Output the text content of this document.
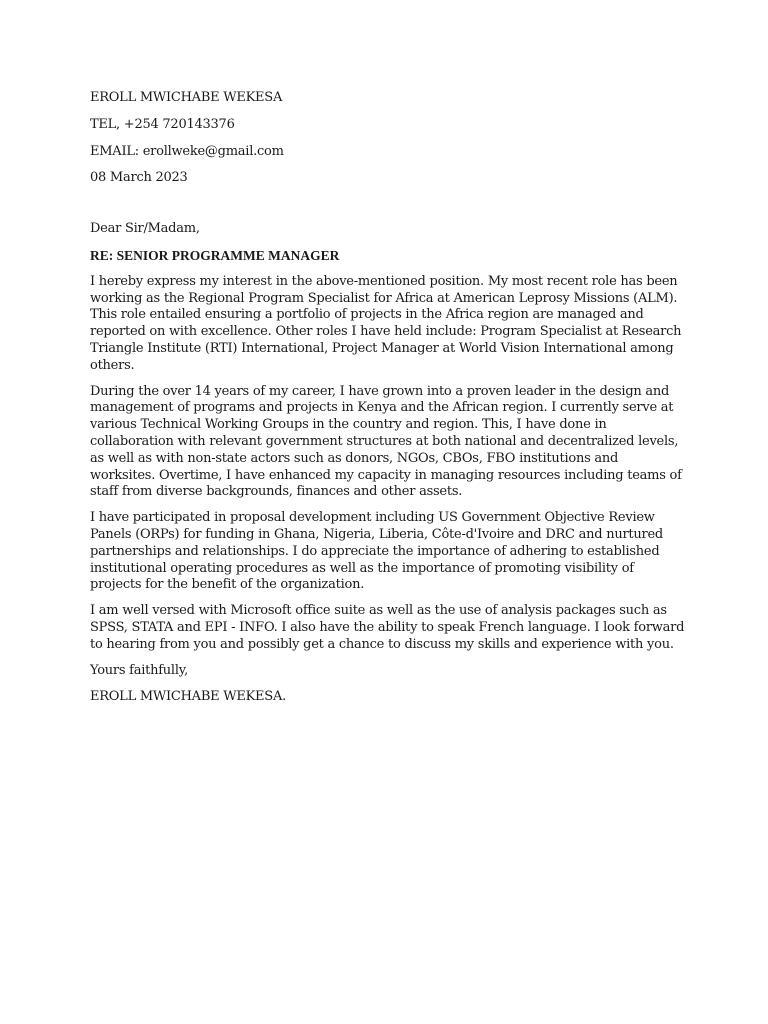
EROLL MWICHABE WEKESA

TEL, +254 720143376

EMAIL: erollweke@gmail.com

08 March 2023

Dear Sir/Madam,

RE: SENIOR PROGRAMME MANAGER

I hereby express my interest in the above-mentioned position. My most recent role has been working as the Regional Program Specialist for Africa at American Leprosy Missions (ALM). This role entailed ensuring a portfolio of projects in the Africa region are managed and reported on with excellence. Other roles I have held include: Program Specialist at Research Triangle Institute (RTI) International, Project Manager at World Vision International among others.

During the over 14 years of my career, I have grown into a proven leader in the design and management of programs and projects in Kenya and the African region. I currently serve at various Technical Working Groups in the country and region. This, I have done in collaboration with relevant government structures at both national and decentralized levels, as well as with non-state actors such as donors, NGOs, CBOs, FBO institutions and worksites. Overtime, I have enhanced my capacity in managing resources including teams of staff from diverse backgrounds, finances and other assets.

I have participated in proposal development including US Government Objective Review Panels (ORPs) for funding in Ghana, Nigeria, Liberia, Côte-d'Ivoire and DRC and nurtured partnerships and relationships. I do appreciate the importance of adhering to established institutional operating procedures as well as the importance of promoting visibility of projects for the benefit of the organization.

I am well versed with Microsoft office suite as well as the use of analysis packages such as SPSS, STATA and EPI - INFO. I also have the ability to speak French language. I look forward to hearing from you and possibly get a chance to discuss my skills and experience with you.

Yours faithfully,

EROLL MWICHABE WEKESA.
